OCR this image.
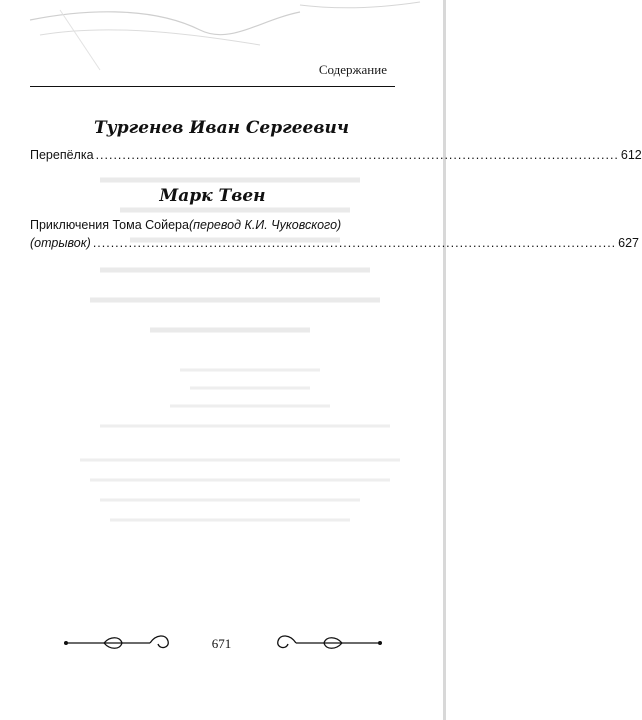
Содержание
Тургенев Иван Сергеевич
Перепёлка ..................................................................................................................... 612
Марк Твен
Приключения Тома Сойера (перевод К.И. Чуковского)
(отрывок) ..................................................................................................................... 627
671
